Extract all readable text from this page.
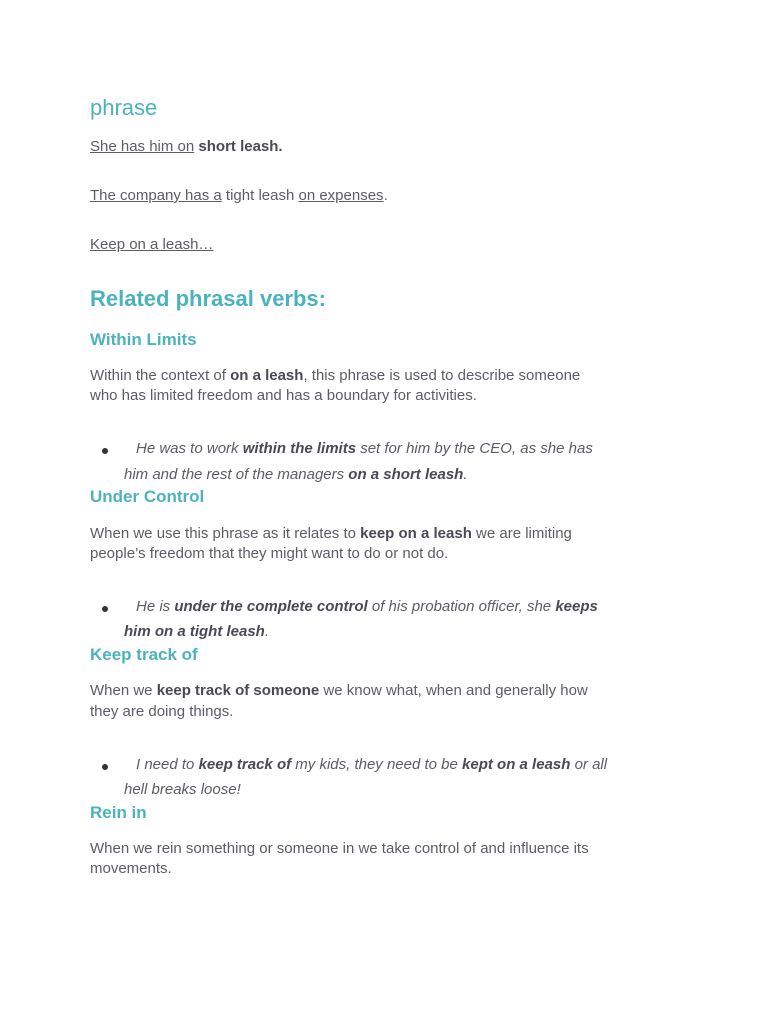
phrase
She has him on short leash.
The company has a tight leash on expenses.
Keep on a leash…
Related phrasal verbs:
Within Limits
Within the context of on a leash, this phrase is used to describe someone
who has limited freedom and has a boundary for activities.
He was to work within the limits set for him by the CEO, as she has
him and the rest of the managers on a short leash.
Under Control
When we use this phrase as it relates to keep on a leash we are limiting
people’s freedom that they might want to do or not do.
He is under the complete control of his probation officer, she keeps
him on a tight leash.
Keep track of
When we keep track of someone we know what, when and generally how
they are doing things.
I need to keep track of my kids, they need to be kept on a leash or all
hell breaks loose!
Rein in
When we rein something or someone in we take control of and influence its
movements.
